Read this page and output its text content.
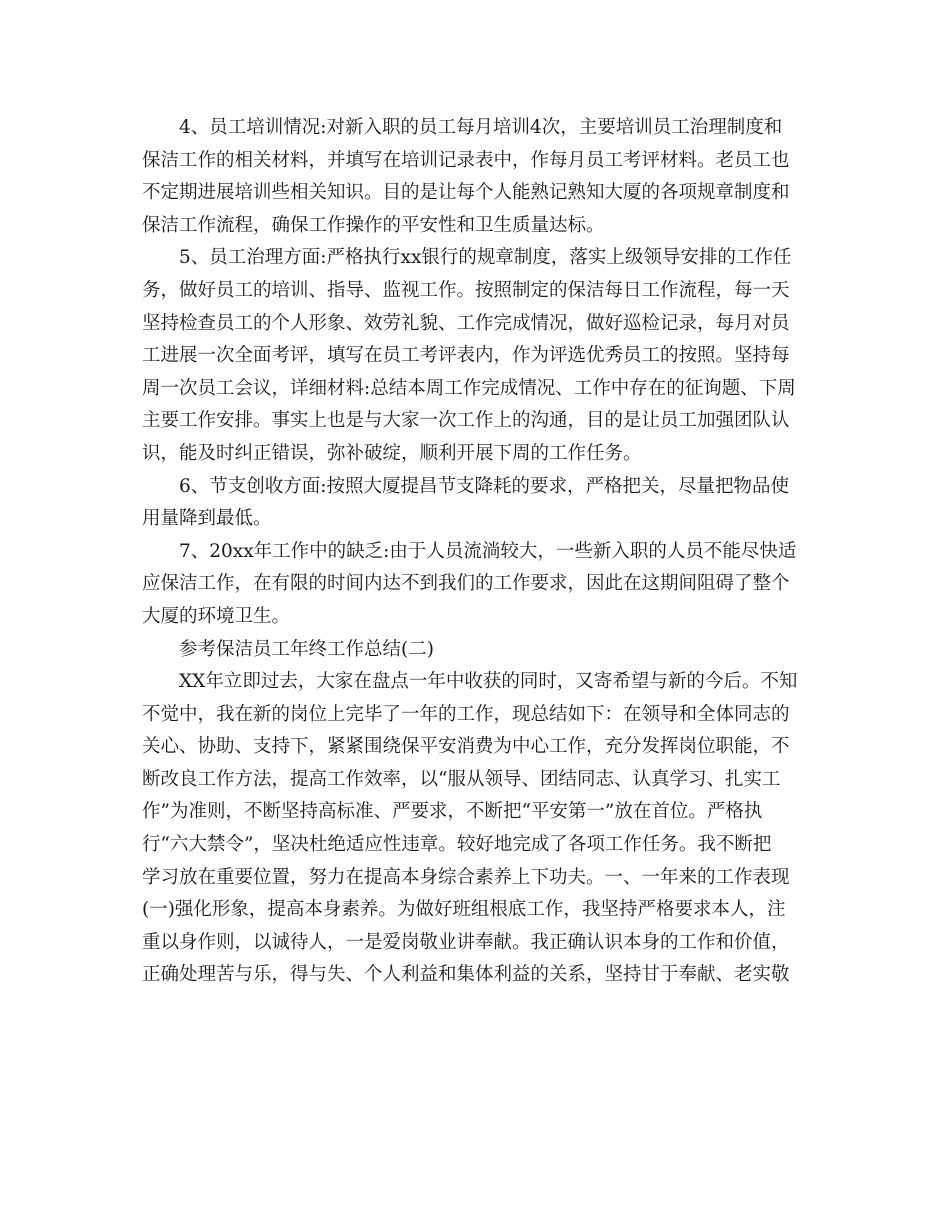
4、员工培训情况:对新入职的员工每月培训4次，主要培训员工治理制度和
保洁工作的相关材料，并填写在培训记录表中，作每月员工考评材料。老员工也
不定期进展培训些相关知识。目的是让每个人能熟记熟知大厦的各项规章制度和
保洁工作流程，确保工作操作的平安性和卫生质量达标。
5、员工治理方面:严格执行xx银行的规章制度，落实上级领导安排的工作任
务，做好员工的培训、指导、监视工作。按照制定的保洁每日工作流程，每一天
坚持检查员工的个人形象、效劳礼貌、工作完成情况，做好巡检记录，每月对员
工进展一次全面考评，填写在员工考评表内，作为评选优秀员工的按照。坚持每
周一次员工会议，详细材料:总结本周工作完成情况、工作中存在的征询题、下周
主要工作安排。事实上也是与大家一次工作上的沟通，目的是让员工加强团队认
识，能及时纠正错误，弥补破绽，顺利开展下周的工作任务。
6、节支创收方面:按照大厦提昌节支降耗的要求，严格把关，尽量把物品使
用量降到最低。
7、20xx年工作中的缺乏:由于人员流淌较大，一些新入职的人员不能尽快适
应保洁工作，在有限的时间内达不到我们的工作要求，因此在这期间阻碍了整个
大厦的环境卫生。
参考保洁员工年终工作总结(二)
XX年立即过去，大家在盘点一年中收获的同时，又寄希望与新的今后。不知
不觉中，我在新的岗位上完毕了一年的工作，现总结如下：在领导和全体同志的
关心、协助、支持下，紧紧围绕保平安消费为中心工作，充分发挥岗位职能，不
断改良工作方法，提高工作效率，以“服从领导、团结同志、认真学习、扎实工
作”为准则，不断坚持高标准、严要求，不断把“平安第一”放在首位。严格执
行“六大禁令”，坚决杜绝适应性违章。较好地完成了各项工作任务。我不断把
学习放在重要位置，努力在提高本身综合素养上下功夫。一、一年来的工作表现
(一)强化形象，提高本身素养。为做好班组根底工作，我坚持严格要求本人，注
重以身作则，以诚待人，一是爱岗敬业讲奉献。我正确认识本身的工作和价值，
正确处理苦与乐，得与失、个人利益和集体利益的关系，坚持甘于奉献、老实敬
